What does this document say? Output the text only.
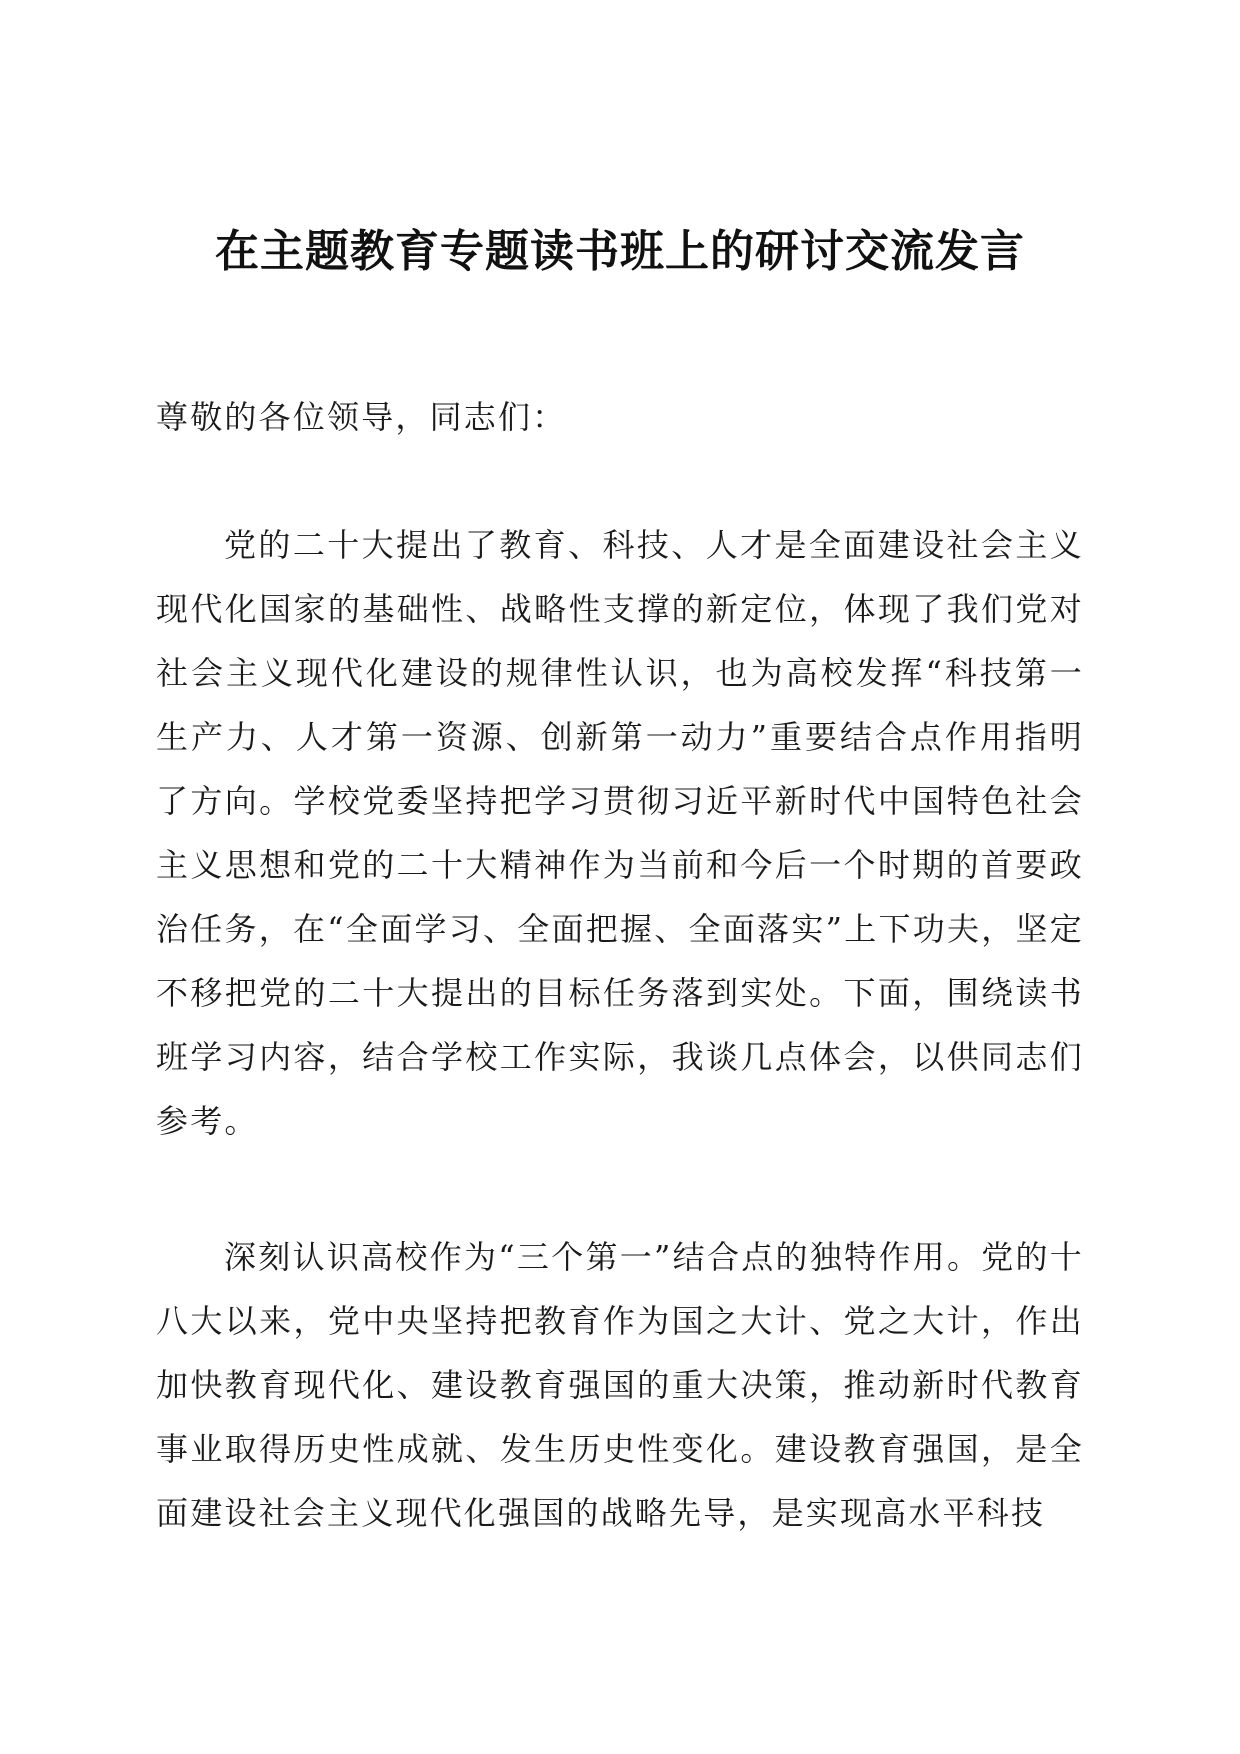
在主题教育专题读书班上的研讨交流发言

尊敬的各位领导，同志们：

党的二十大提出了教育、科技、人才是全面建设社会主义现代化国家的基础性、战略性支撑的新定位，体现了我们党对社会主义现代化建设的规律性认识，也为高校发挥“科技第一生产力、人才第一资源、创新第一动力”重要结合点作用指明了方向。学校党委坚持把学习贯彻习近平新时代中国特色社会主义思想和党的二十大精神作为当前和今后一个时期的首要政治任务，在“全面学习、全面把握、全面落实”上下功夫，坚定不移把党的二十大提出的目标任务落到实处。下面，围绕读书班学习内容，结合学校工作实际，我谈几点体会，以供同志们参考。

深刻认识高校作为“三个第一”结合点的独特作用。党的十八大以来，党中央坚持把教育作为国之大计、党之大计，作出加快教育现代化、建设教育强国的重大决策，推动新时代教育事业取得历史性成就、发生历史性变化。建设教育强国，是全面建设社会主义现代化强国的战略先导，是实现高水平科技
